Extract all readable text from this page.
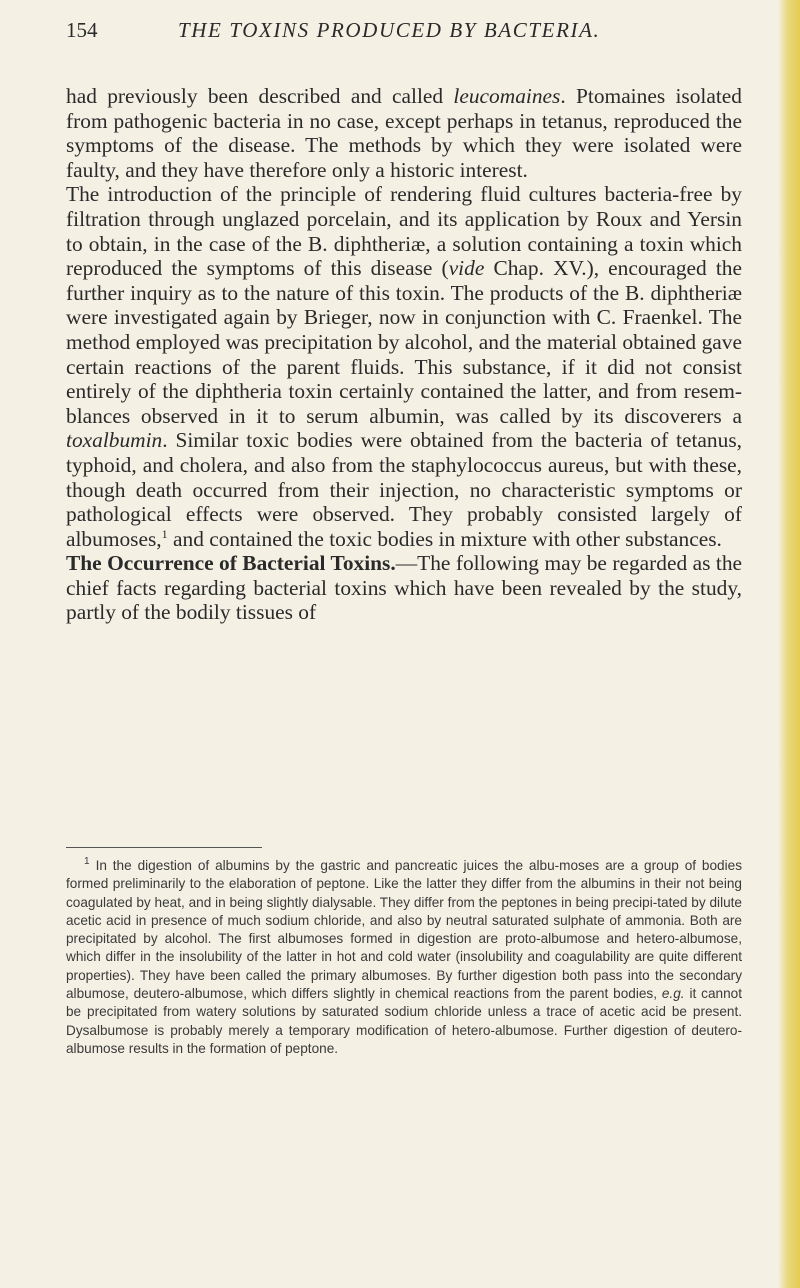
154	THE TOXINS PRODUCED BY BACTERIA.

had previously been described and called leucomaines. Ptomaines isolated from pathogenic bacteria in no case, except perhaps in tetanus, reproduced the symptoms of the disease. The methods by which they were isolated were faulty, and they have therefore only a historic interest.

The introduction of the principle of rendering fluid cultures bacteria-free by filtration through unglazed porcelain, and its application by Roux and Yersin to obtain, in the case of the B. diphtheriæ, a solution containing a toxin which reproduced the symptoms of this disease (vide Chap. XV.), encouraged the further inquiry as to the nature of this toxin. The products of the B. diphtheriæ were investigated again by Brieger, now in conjunction with C. Fraenkel. The method employed was precipitation by alcohol, and the material obtained gave certain reactions of the parent fluids. This substance, if it did not consist entirely of the diphtheria toxin certainly contained the latter, and from resem-blances observed in it to serum albumin, was called by its discoverers a toxalbumin. Similar toxic bodies were obtained from the bacteria of tetanus, typhoid, and cholera, and also from the staphylococcus aureus, but with these, though death occurred from their injection, no characteristic symptoms or pathological effects were observed. They probably consisted largely of albumoses,$^1$ and contained the toxic bodies in mixture with other substances.

The Occurrence of Bacterial Toxins.—The following may be regarded as the chief facts regarding bacterial toxins which have been revealed by the study, partly of the bodily tissues of

$^1$ In the digestion of albumins by the gastric and pancreatic juices the albu-moses are a group of bodies formed preliminarily to the elaboration of peptone. Like the latter they differ from the albumins in their not being coagulated by heat, and in being slightly dialysable. They differ from the peptones in being precipi-tated by dilute acetic acid in presence of much sodium chloride, and also by neutral saturated sulphate of ammonia. Both are precipitated by alcohol. The first albumoses formed in digestion are proto-albumose and hetero-albumose, which differ in the insolubility of the latter in hot and cold water (insolubility and coagulability are quite different properties). They have been called the primary albumoses. By further digestion both pass into the secondary albumose, deutero-albumose, which differs slightly in chemical reactions from the parent bodies, e.g. it cannot be precipitated from watery solutions by saturated sodium chloride unless a trace of acetic acid be present. Dysalbumose is probably merely a temporary modification of hetero-albumose. Further digestion of deutero-albumose results in the formation of peptone.
